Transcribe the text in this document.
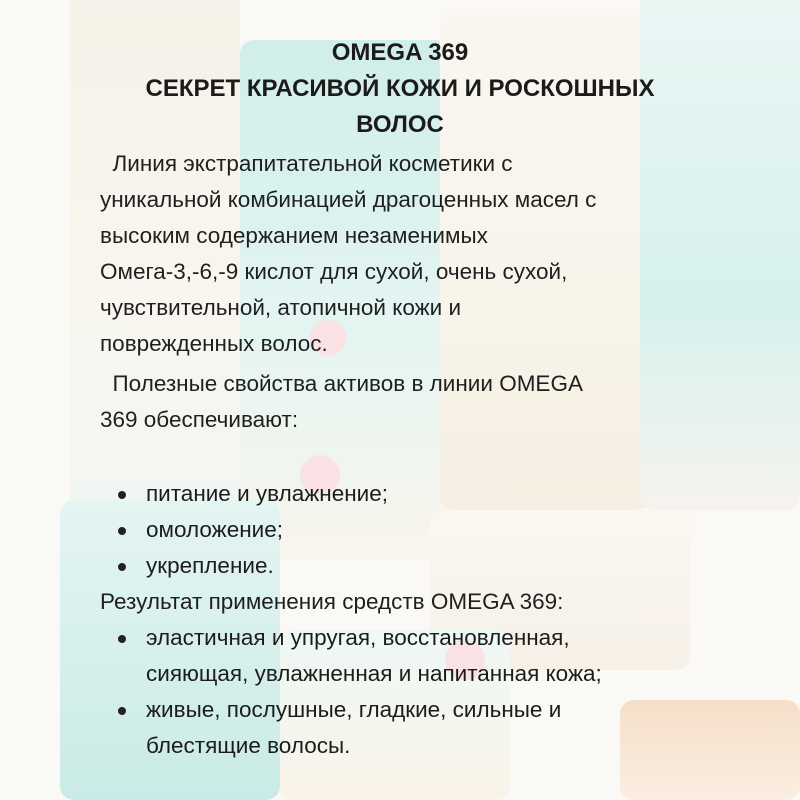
OMEGA 369
СЕКРЕТ КРАСИВОЙ КОЖИ И РОСКОШНЫХ
ВОЛОС
Линия экстрапитательной косметики с
уникальной комбинацией драгоценных масел с
высоким содержанием незаменимых
Омега-3,-6,-9 кислот для сухой, очень сухой,
чувствительной, атопичной кожи и
поврежденных волос.
Полезные свойства активов в линии OMEGA
369 обеспечивают:
питание и увлажнение;
омоложение;
укрепление.
Результат применения средств OMEGA 369:
эластичная и упругая, восстановленная,
сияющая, увлажненная и напитанная кожа;
живые, послушные, гладкие, сильные и
блестящие волосы.
